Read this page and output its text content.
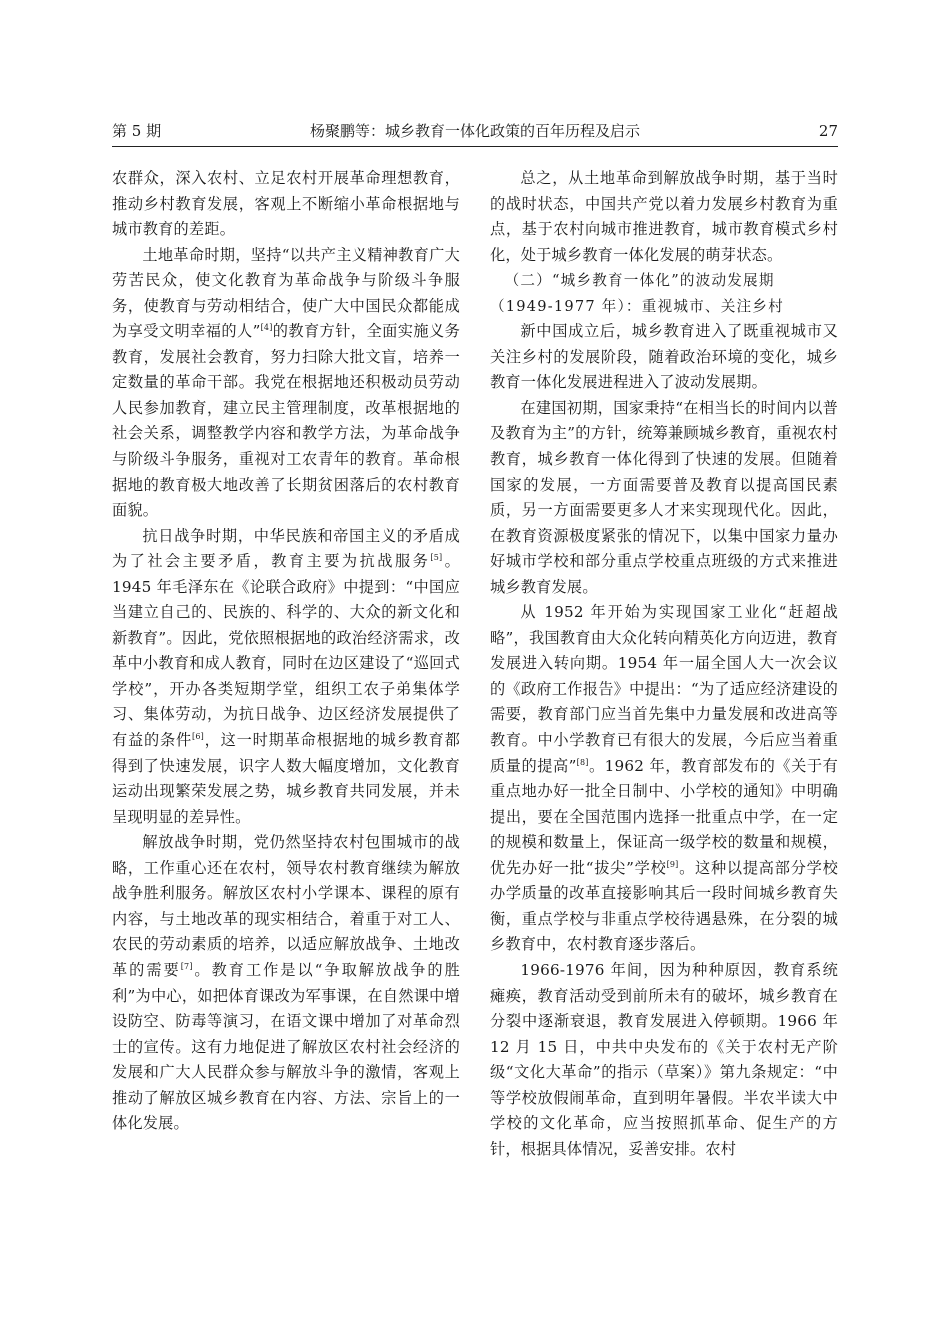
第 5 期	杨聚鹏等：城乡教育一体化政策的百年历程及启示	27

农群众，深入农村、立足农村开展革命理想教育，推动乡村教育发展，客观上不断缩小革命根据地与城市教育的差距。

土地革命时期，坚持“以共产主义精神教育广大劳苦民众，使文化教育为革命战争与阶级斗争服务，使教育与劳动相结合，使广大中国民众都能成为享受文明幸福的人”[4]的教育方针，全面实施义务教育，发展社会教育，努力扫除大批文盲，培养一定数量的革命干部。我党在根据地还积极动员劳动人民参加教育，建立民主管理制度，改革根据地的社会关系，调整教学内容和教学方法，为革命战争与阶级斗争服务，重视对工农青年的教育。革命根据地的教育极大地改善了长期贫困落后的农村教育面貌。

抗日战争时期，中华民族和帝国主义的矛盾成为了社会主要矛盾，教育主要为抗战服务[5]。 1945 年毛泽东在《论联合政府》中提到：“中国应当建立自己的、民族的、科学的、大众的新文化和新教育”。因此，党依照根据地的政治经济需求，改革中小教育和成人教育，同时在边区建设了“巡回式学校”，开办各类短期学堂，组织工农子弟集体学习、集体劳动，为抗日战争、边区经济发展提供了有益的条件[6]，这一时期革命根据地的城乡教育都得到了快速发展，识字人数大幅度增加，文化教育运动出现繁荣发展之势，城乡教育共同发展，并未呈现明显的差异性。

解放战争时期，党仍然坚持农村包围城市的战略，工作重心还在农村，领导农村教育继续为解放战争胜利服务。解放区农村小学课本、课程的原有内容，与土地改革的现实相结合，着重于对工人、农民的劳动素质的培养，以适应解放战争、土地改革的需要[7]。教育工作是以“争取解放战争的胜利”为中心，如把体育课改为军事课，在自然课中增设防空、防毒等演习，在语文课中增加了对革命烈士的宣传。这有力地促进了解放区农村社会经济的发展和广大人民群众参与解放斗争的激情，客观上推动了解放区城乡教育在内容、方法、宗旨上的一体化发展。

总之，从土地革命到解放战争时期，基于当时的战时状态，中国共产党以着力发展乡村教育为重点，基于农村向城市推进教育，城市教育模式乡村化，处于城乡教育一体化发展的萌芽状态。

（二）“城乡教育一体化”的波动发展期

（1949-1977 年）：重视城市、关注乡村

新中国成立后，城乡教育进入了既重视城市又关注乡村的发展阶段，随着政治环境的变化，城乡教育一体化发展进程进入了波动发展期。

在建国初期，国家秉持“在相当长的时间内以普及教育为主”的方针，统筹兼顾城乡教育，重视农村教育，城乡教育一体化得到了快速的发展。但随着国家的发展，一方面需要普及教育以提高国民素质，另一方面需要更多人才来实现现代化。因此，在教育资源极度紧张的情况下，以集中国家力量办好城市学校和部分重点学校重点班级的方式来推进城乡教育发展。

从 1952 年开始为实现国家工业化“赶超战略”，我国教育由大众化转向精英化方向迈进，教育发展进入转向期。1954 年一届全国人大一次会议的《政府工作报告》中提出：“为了适应经济建设的需要，教育部门应当首先集中力量发展和改进高等教育。中小学教育已有很大的发展，今后应当着重质量的提高”[8]。1962 年，教育部发布的《关于有重点地办好一批全日制中、小学校的通知》中明确提出，要在全国范围内选择一批重点中学，在一定的规模和数量上，保证高一级学校的数量和规模，优先办好一批“拔尖”学校[9]。这种以提高部分学校办学质量的改革直接影响其后一段时间城乡教育失衡，重点学校与非重点学校待遇悬殊，在分裂的城乡教育中，农村教育逐步落后。

1966-1976 年间，因为种种原因，教育系统瘫痪，教育活动受到前所未有的破坏，城乡教育在分裂中逐渐衰退，教育发展进入停顿期。1966 年 12 月 15 日，中共中央发布的《关于农村无产阶级“文化大革命”的指示（草案）》第九条规定：“中等学校放假闹革命，直到明年暑假。半农半读大中学校的文化革命，应当按照抓革命、促生产的方针，根据具体情况，妥善安排。农村
